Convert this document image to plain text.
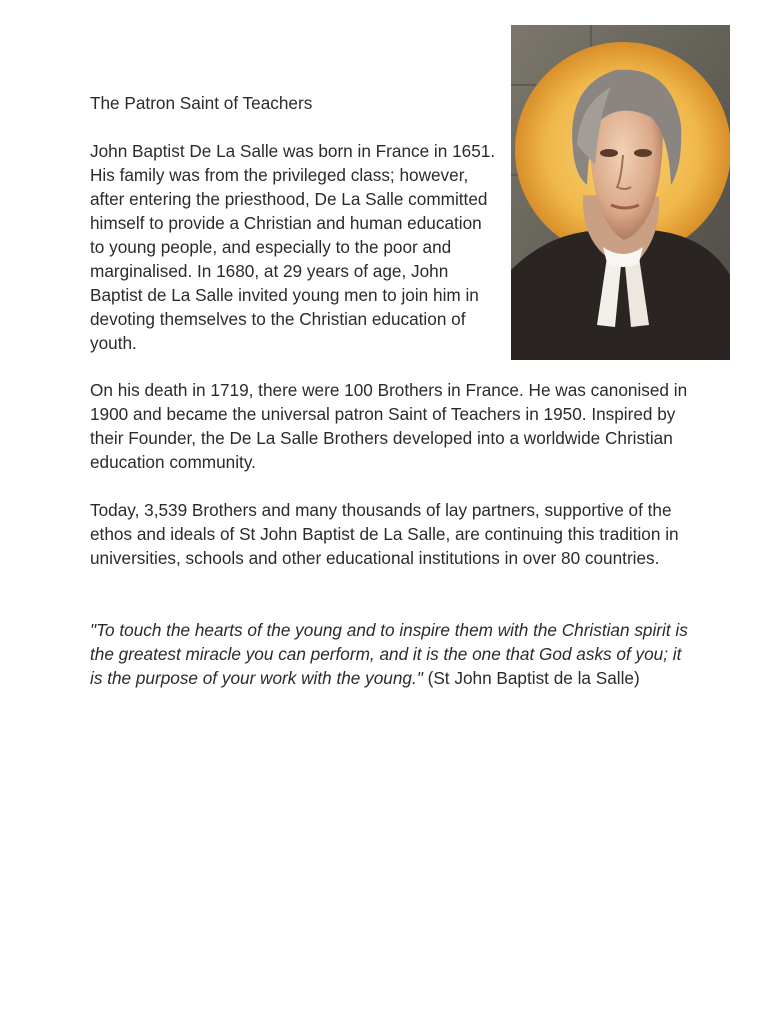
The Patron Saint of Teachers

John Baptist De La Salle was born in France in 1651. His family was from the privileged class; however, after entering the priesthood, De La Salle committed himself to provide a Christian and human education to young people, and especially to the poor and marginalised. In 1680, at 29 years of age, John Baptist de La Salle invited young men to join him in devoting themselves to the Christian education of youth.

On his death in 1719, there were 100 Brothers in France. He was canonised in 1900 and became the universal patron Saint of Teachers in 1950. Inspired by their Founder, the De La Salle Brothers developed into a worldwide Christian education community.

Today, 3,539 Brothers and many thousands of lay partners, supportive of the ethos and ideals of St John Baptist de La Salle, are continuing this tradition in universities, schools and other educational institutions in over 80 countries.

"To touch the hearts of the young and to inspire them with the Christian spirit is the greatest miracle you can perform, and it is the one that God asks of you; it is the purpose of your work with the young." (St John Baptist de la Salle)
